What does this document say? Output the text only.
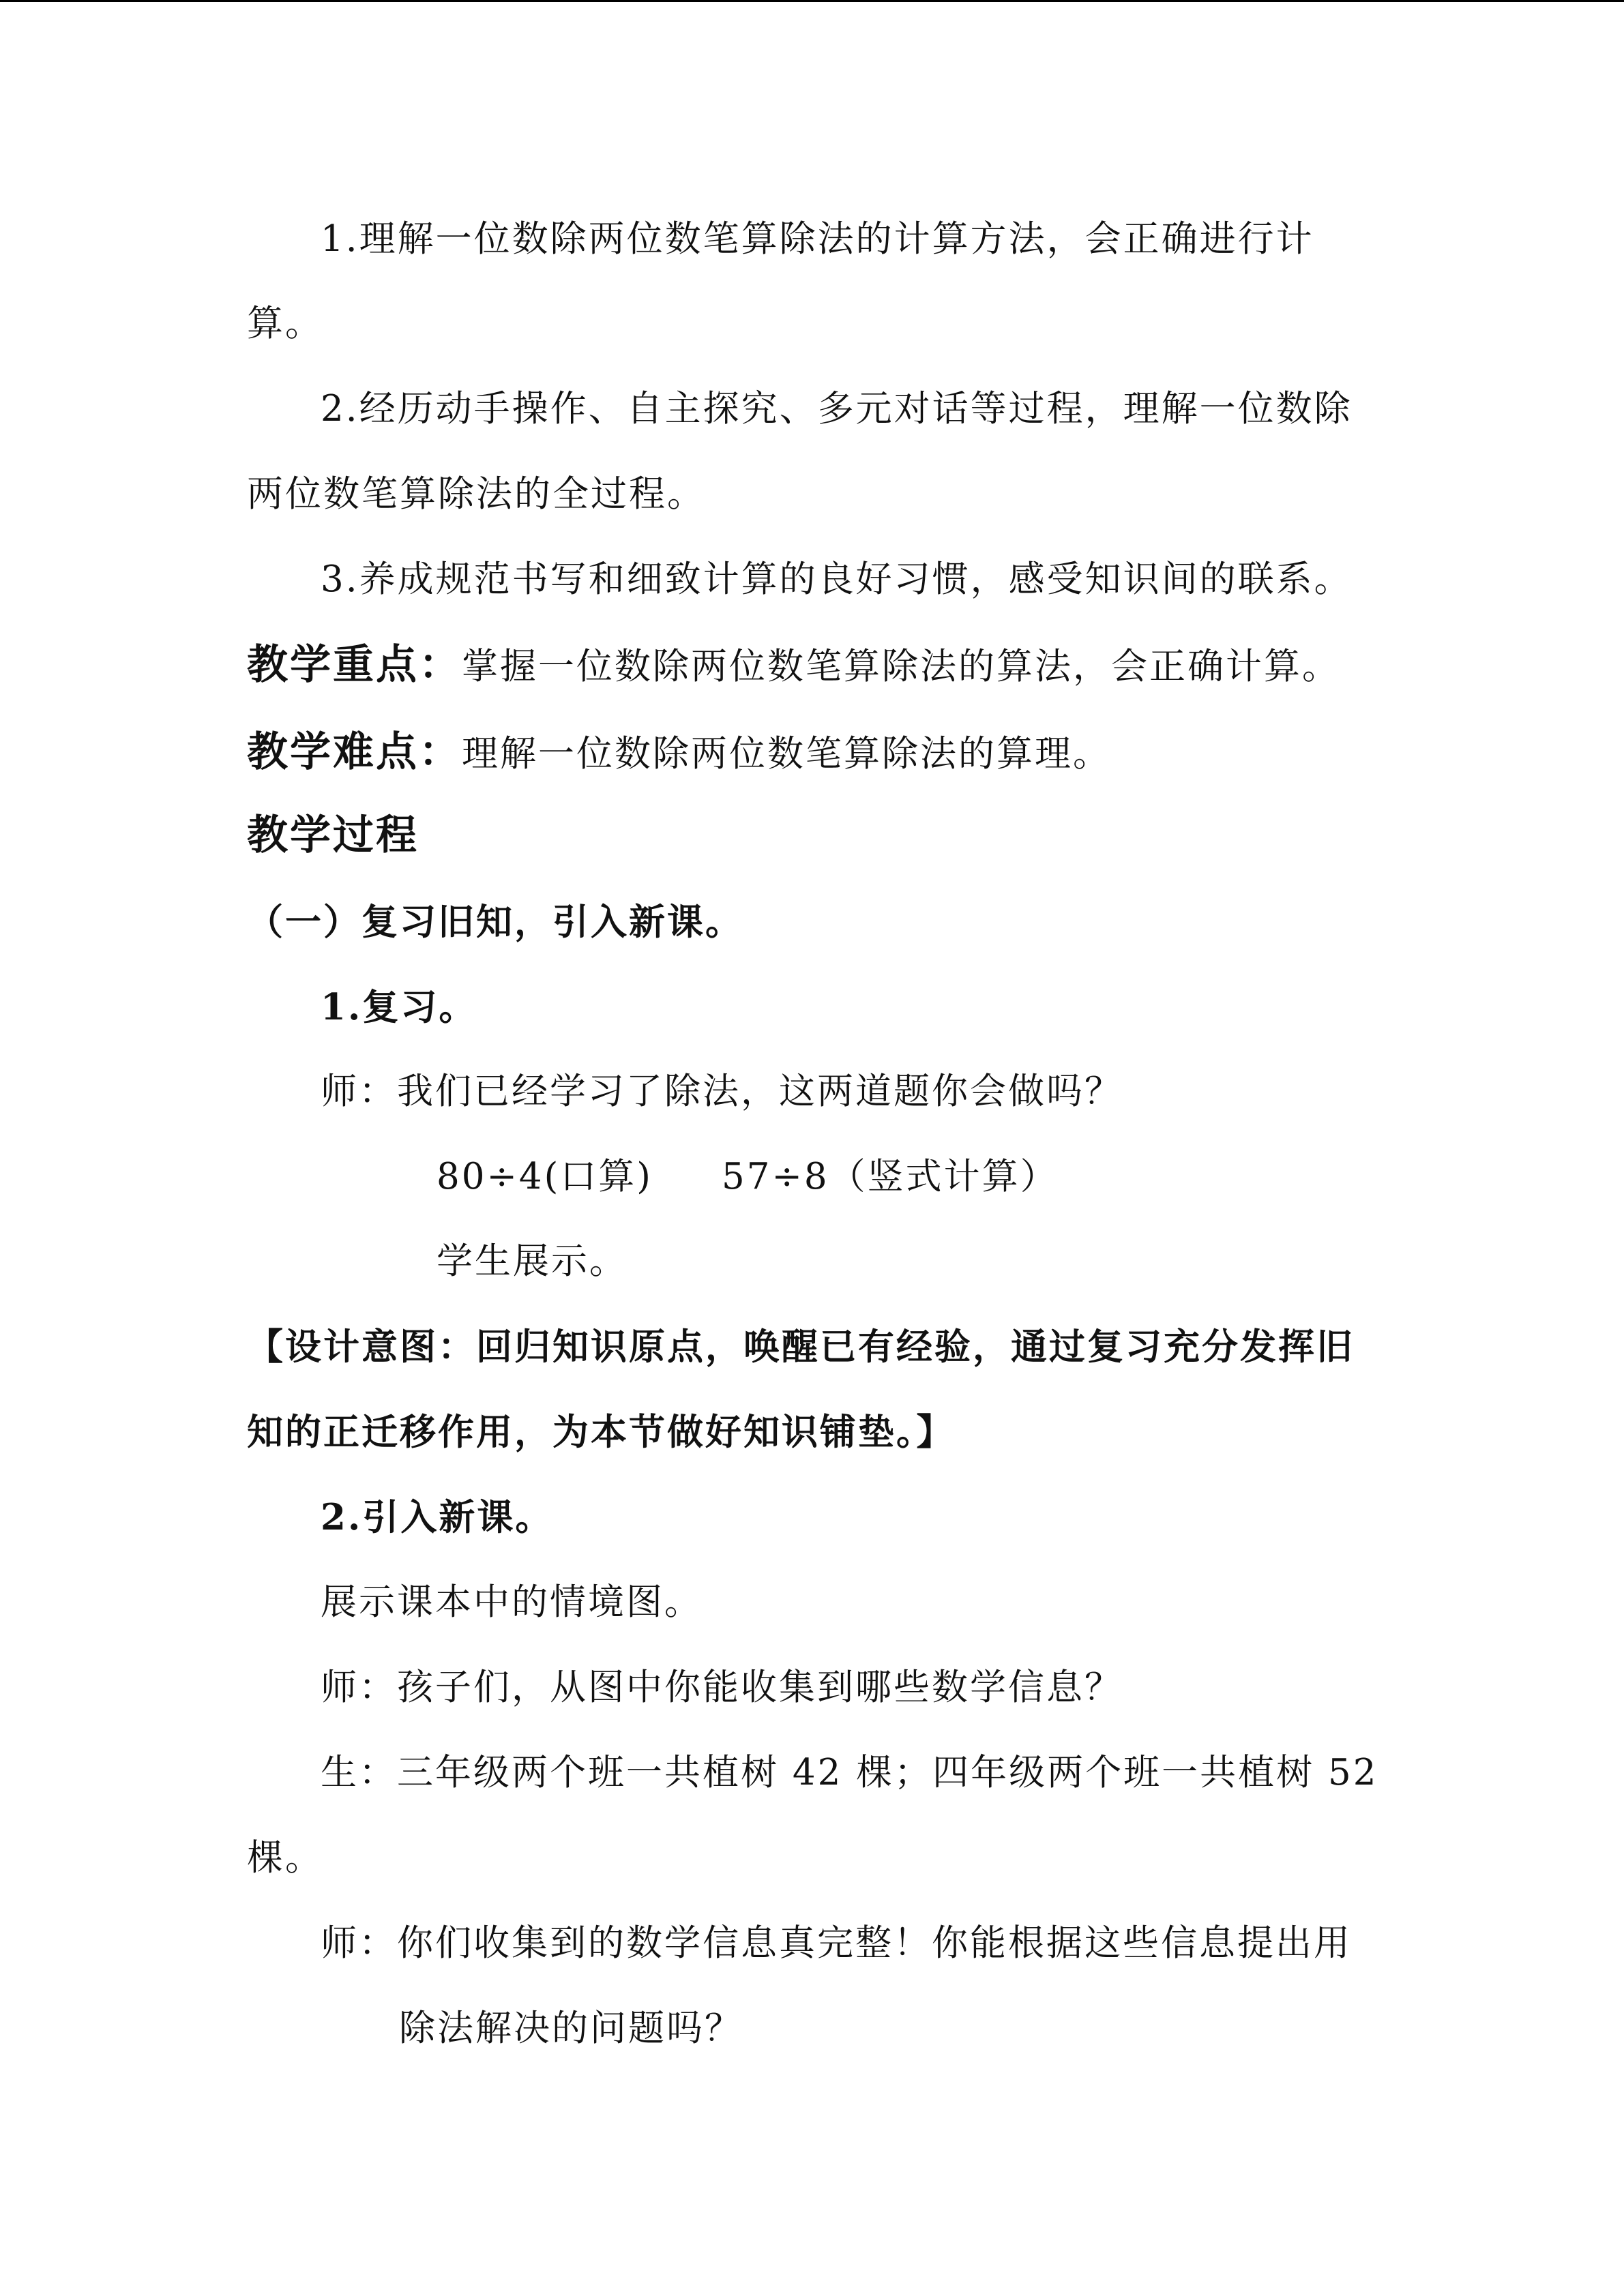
1.理解一位数除两位数笔算除法的计算方法，会正确进行计
算。
2.经历动手操作、自主探究、多元对话等过程，理解一位数除
两位数笔算除法的全过程。
3.养成规范书写和细致计算的良好习惯，感受知识间的联系。
教学重点：掌握一位数除两位数笔算除法的算法，会正确计算。
教学难点：理解一位数除两位数笔算除法的算理。
教学过程
（一）复习旧知，引入新课。
1.复习。
师：我们已经学习了除法，这两道题你会做吗？
80÷4(口算) 57÷8（竖式计算）
学生展示。
【设计意图：回归知识原点，唤醒已有经验，通过复习充分发挥旧
知的正迁移作用，为本节做好知识铺垫。】
2.引入新课。
展示课本中的情境图。
师：孩子们，从图中你能收集到哪些数学信息？
生：三年级两个班一共植树 42 棵；四年级两个班一共植树 52
棵。
师：你们收集到的数学信息真完整！你能根据这些信息提出用
除法解决的问题吗？
